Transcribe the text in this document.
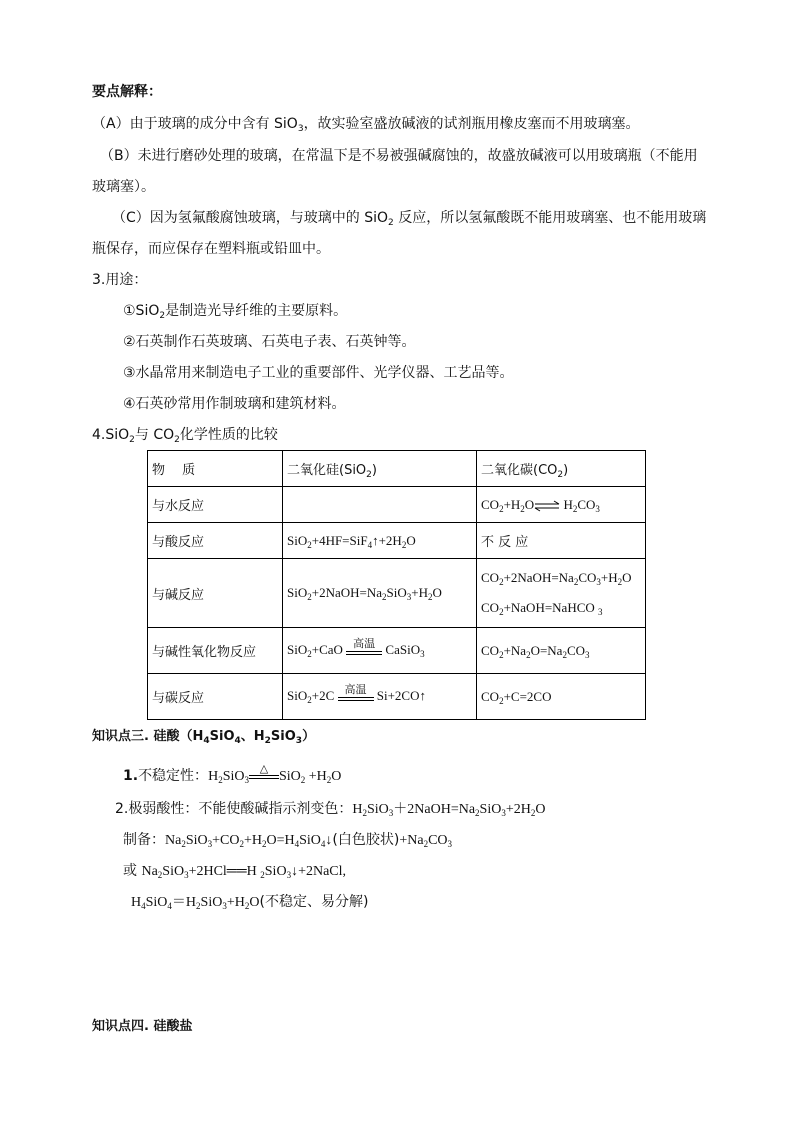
要点解释：
（A）由于玻璃的成分中含有 SiO$_3$，故实验室盛放碱液的试剂瓶用橡皮塞而不用玻璃塞。
（B）未进行磨砂处理的玻璃，在常温下是不易被强碱腐蚀的，故盛放碱液可以用玻璃瓶（不能用
玻璃塞）。
（C）因为氢氟酸腐蚀玻璃，与玻璃中的 SiO$_2$ 反应，所以氢氟酸既不能用玻璃塞、也不能用玻璃
瓶保存，而应保存在塑料瓶或铅皿中。
3.用途：
①SiO$_2$是制造光导纤维的主要原料。
②石英制作石英玻璃、石英电子表、石英钟等。
③水晶常用来制造电子工业的重要部件、光学仪器、工艺品等。
④石英砂常用作制玻璃和建筑材料。
4.SiO$_2$与 $CO_2$化学性质的比较
物　 质	二氧化硅(SiO$_2$)	二氧化碳$(CO_2)$
与水反应		$CO_2+H_2O\rightleftharpoons$ $H_2CO_3$
与酸反应	$SiO_2+4HF=SiF_4↑+2H_2O$	不 反 应
与碱反应	$SiO_2+2NaOH=Na_2SiO_3+H_2O$	$CO_2+2NaOH=Na_2CO_3+H_2O$
$CO_2+NaOH=NaHCO$ $_3$
与碱性氧化物反应	SiO$_2$+CaO 高温 CaSiO$_3$	$CO_2+Na_2O=Na_2CO_3$
与碳反应	SiO$_2$+2C 高温 Si+2CO↑	$CO_2+C=2CO$
知识点三. 硅酸（$H_4SiO_4$、$H_2SiO_3$）
1.不稳定性：$H_2SiO_3$
△
$SiO_2 +H_2O$
2.极弱酸性：不能使酸碱指示剂变色：$H_2SiO_3+2NaOH=Na_2SiO_3+2H_2O$
制备：$Na_2SiO_3+CO_2+H_2O=H_4SiO_4↓$(白色胶状)$+Na_2CO_3$
或 $Na_2SiO_3+2HCl══H$ $_2$SiO$_3$↓+2NaCl,
$H_4SiO_4=H_2SiO_3+H_2O$(不稳定、易分解)
知识点四. 硅酸盐
